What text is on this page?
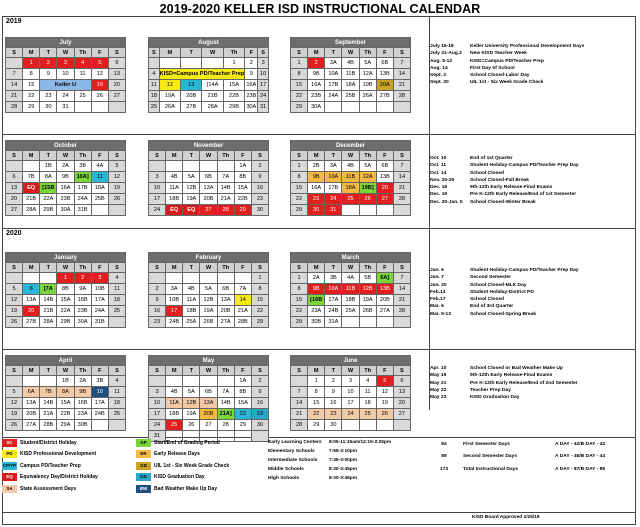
2019-2020 KELLER ISD INSTRUCTIONAL CALENDAR
2019
2020
July						
S	M	T	W	Th	F	S
	1	2	3	4	5	6
7	8	9	10	11	12	13
14	15	Keller U			19	20
21	22	23	24	25	26	27
28	29	30	31			
August						
S	M	T	W	Th	F	S
				1	2	3
4	KISD=Campus PD/Teacher Prep				9	10
11	12	13	[14A	15A	16A	17
18	19A	20B	21B	22B	23B	24
25	26A	27B	28A	29B	30A	31
September						
S	M	T	W	Th	F	S
1	2	3A	4B	5A	6B	7
8	9B	10A	11B	12A	13B	14
15	16A	17B	18A	19B	20A	21
22	23B	24A	25B	26A	27B	28
29	30A					
October						
S	M	T	W	Th	F	S
		1B	2A	3B	4A	5
6	7B	8A	9B	10A]	11	12
13	EQ	[15B	16A	17B	18A	19
20	21B	22A	23B	24A	25B	26
27	28A	29B	30A	31B		
November						
S	M	T	W	Th	F	S
					1A	2
3	4B	5A	6B	7A	8B	9
10	11A	12B	13A	14B	15A	16
17	18B	19A	20B	21A	22B	23
24	EQ	EQ	27	28	29	30
December						
S	M	T	W	Th	F	S
1	2B	3A	4B	5A	6B	7
8	9B	10A	11B	12A	13B	14
15	16A	17B	18A	19B]	20	21
22	23	24	25	26	27	28
29	30	31				
January						
S	M	T	W	Th	F	S
			1	2	3	4
5	6	[7A	8B	9A	10B	11
12	13A	14B	15A	16B	17A	18
19	20	21B	22A	23B	24A	25
26	27B	28A	29B	30A	31B	
February						
S	M	T	W	Th	F	S
						1
2	3A	4B	5A	6B	7A	8
9	10B	11A	12B	13A	14	15
16	17	18B	19A	20B	21A	22
23	24B	25A	26B	27A	28B	29
March						
S	M	T	W	Th	F	S
1	2A	3B	4A	5B	6A]	7
8	9B	10A	11B	12B	13B	14
15	[16B	17A	18B	19A	20B	21
22	23A	24B	25A	26B	27A	28
29	30B	31A				
April						
S	M	T	W	Th	F	S
			1B	2A	3B	4
5	6A	7B	8A	9B	10	11
12	13A	14B	15A	16B	17A	18
19	20B	21A	22B	23A	24B	25
26	27A	28B	29A	30B		
May						
S	M	T	W	Th	F	S
					1A	2
3	4B	5A	6B	7A	8B	9
10	11A	12B	13A	14B	15A	16
17	18B	19A	20B	21A]	22	23
24	25	26	27	28	29	30
31						
June						
S	M	T	W	Th	F	S
	1	2	3	4	5	6
7	8	9	10	11	12	13
14	15	16	17	18	19	20
21	22	23	24	25	26	27
28	29	30				
July 16-18	Keller University Professional Development Days
July 31-Aug.2	New KISD Teacher Week
Aug. 5-13	KISD=Campus PD/Teacher Prep
Aug. 14	First Day of School
Sept. 2	School Closed-Labor Day
Sept. 20	UIL 1st - Six Week Grade Check
Oct. 10	End of 1st Quarter
Oct. 11	Student Holiday-Campus PD/Teacher Prep Day
Oct. 14	School Closed
Nov. 25-29	School Closed-Fall Break
Dec. 18	9th-12th Early Release-Final Exams
Dec. 19	Pre K-12th Early Release/End of 1st Semester
Dec. 20-Jan. 5	School Closed-Winter Break
Jan. 6	Student Holiday-Campus PD/Teacher Prep Day
Jan. 7	Second Semester
Jan. 20	School Closed-MLK Day
Feb.14	Student Holiday-District PD
Feb.17	School Closed
Mar. 6	End of 3rd Quarter
Mar. 9-13	School Closed-Spring Break
Apr. 10	School Closed or Bad Weather Make Up
May 19	9th-12th Early Release-Final Exams
May 21	Pre K-12th Early Release/End of 2nd Semester
May 22	Teacher Prep Day
May 23	KISD Graduation Day
SC	Student/District Holiday
PD	KISD Professional Development
CP/TP Campus PD/Teacher Prep
EQ	Equivalency Day/District Holiday
SA	State Assessment Days
GP	Start/End of Grading Period
ER	Early Release Days
GD	UIL 1st - Six Week Grade Check
GD	KISD Graduation Day
BW	Bad Weather Make Up Day
Early Learning Centers	8:05-11:15am/12:15-3:25pm
Elementary Schools	7:55-3:10pm
Intermediate Schools	7:45-3:00pm
Middle Schools	8:30-3:45pm
High Schools	8:30-3:45pm
84	First Semester Days	A DAY - 42/B DAY - 42
89	Second Semester Days	A DAY - 45/B DAY - 44
173	Total Instructional Days	A DAY - 87/B DAY - 86
KISD Board Approved 2/25/19
